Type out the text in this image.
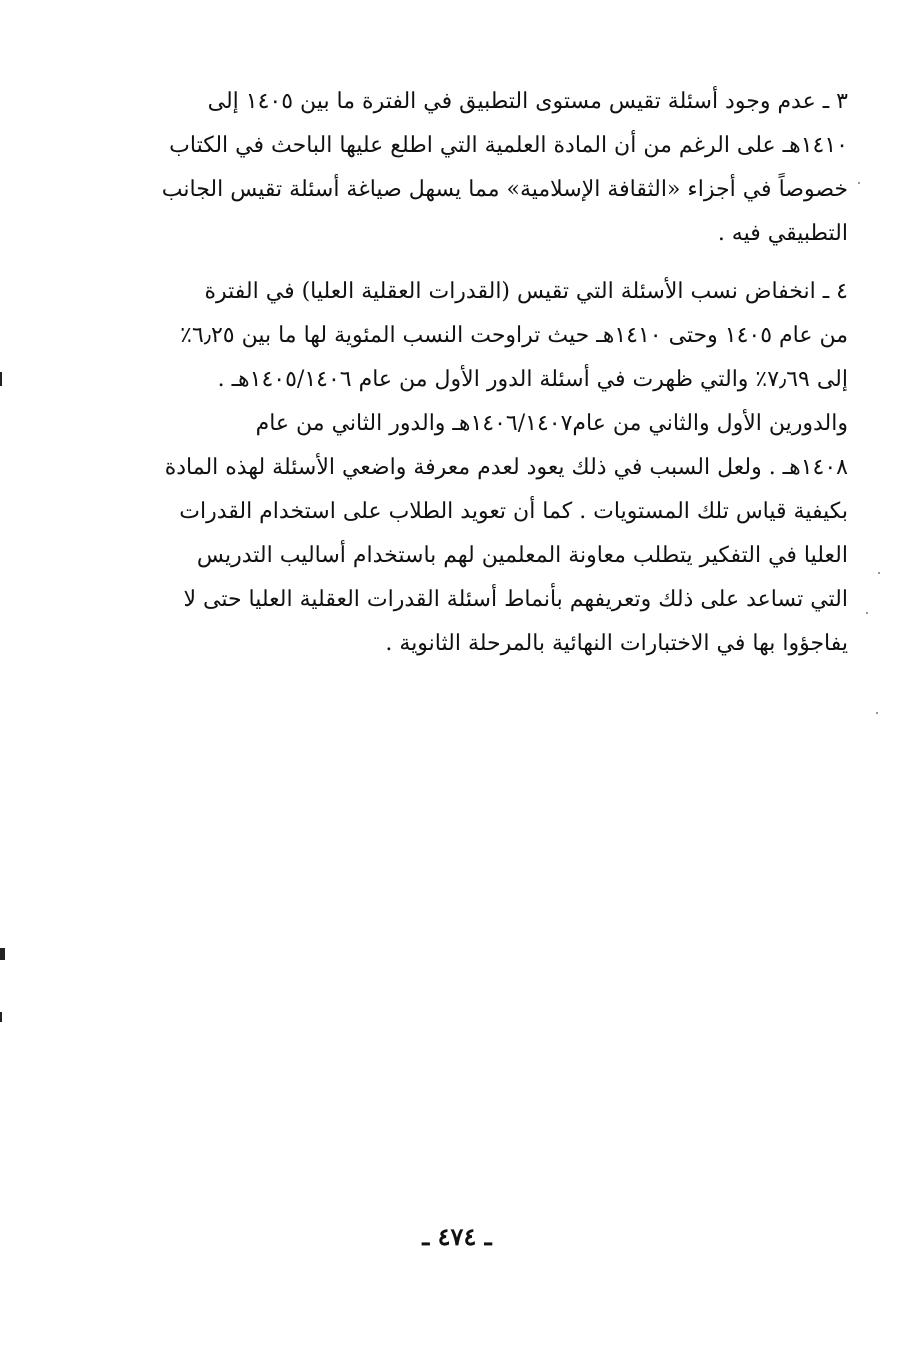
٣ ـ عدم وجود أسئلة تقيس مستوى التطبيق في الفترة ما بين ١٤٠٥ إلى
١٤١٠هـ على الرغم من أن المادة العلمية التي اطلع عليها الباحث في الكتاب
خصوصاً في أجزاء «الثقافة الإسلامية» مما يسهل صياغة أسئلة تقيس الجانب
التطبيقي فيه .
٤ ـ انخفاض نسب الأسئلة التي تقيس (القدرات العقلية العليا) في الفترة
من عام ١٤٠٥ وحتى ١٤١٠هـ حيث تراوحت النسب المئوية لها ما بين ٦٫٢٥٪
إلى ٧٫٦٩٪ والتي ظهرت في أسئلة الدور الأول من عام ١٤٠٥/١٤٠٦هـ .
والدورين الأول والثاني من عام١٤٠٦/١٤٠٧هـ والدور الثاني من عام
١٤٠٨هـ . ولعل السبب في ذلك يعود لعدم معرفة واضعي الأسئلة لهذه المادة
بكيفية قياس تلك المستويات . كما أن تعويد الطلاب على استخدام القدرات
العليا في التفكير يتطلب معاونة المعلمين لهم باستخدام أساليب التدريس
التي تساعد على ذلك وتعريفهم بأنماط أسئلة القدرات العقلية العليا حتى لا
يفاجؤوا بها في الاختبارات النهائية بالمرحلة الثانوية .
ـ ٤٧٤ ـ
